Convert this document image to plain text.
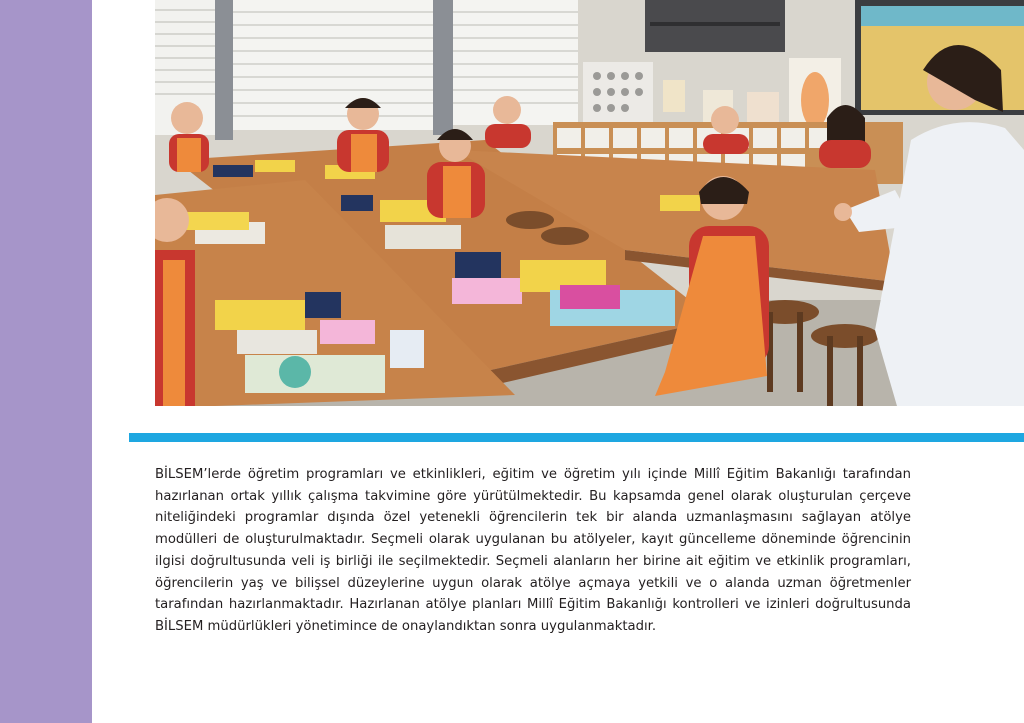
BİLSEM’lerde öğretim programları ve etkinlikleri, eğitim ve öğretim yılı içinde Millî Eğitim Bakanlığı tarafından hazırlanan ortak yıllık çalışma takvimine göre yürütülmektedir. Bu kapsamda genel olarak oluşturulan çerçeve niteliğindeki programlar dışında özel yetenekli öğrencilerin tek bir alanda uzmanlaşmasını sağlayan atölye modülleri de oluşturulmaktadır. Seçmeli olarak uygulanan bu atölyeler, kayıt güncelleme döneminde öğrencinin ilgisi doğrultusunda veli iş birliği ile seçilmektedir. Seçmeli alanların her birine ait eğitim ve etkinlik programları, öğrencilerin yaş ve bilişsel düzeylerine uygun olarak atölye açmaya yetkili ve o alanda uzman öğretmenler tarafından hazırlanmaktadır. Hazırlanan atölye planları Millî Eğitim Bakanlığı kontrolleri ve izinleri doğrultusunda BİLSEM müdürlükleri yönetimince de onaylandıktan sonra uygulanmaktadır.
